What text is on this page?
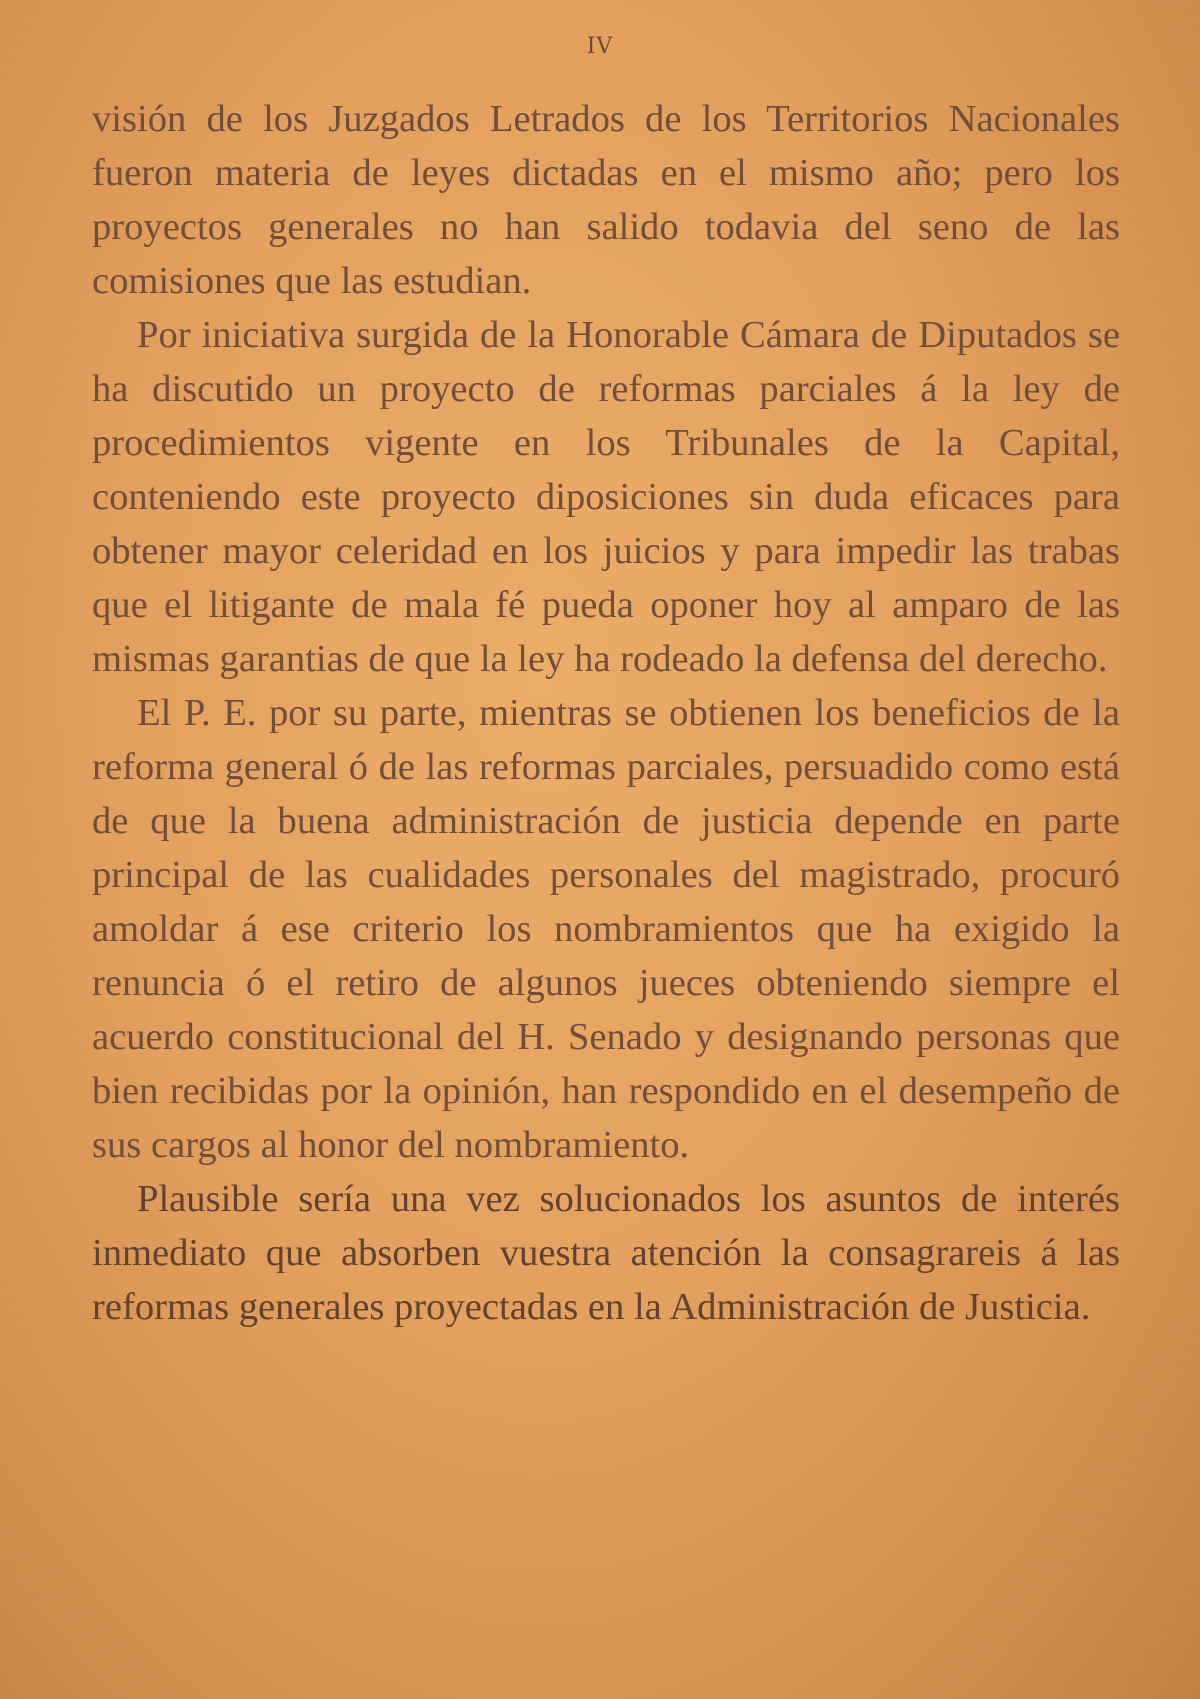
IV

visión de los Juzgados Letrados de los Territorios Nacionales fueron materia de leyes dictadas en el mismo año; pero los proyectos generales no han salido todavia del seno de las comisiones que las estudian.

Por iniciativa surgida de la Honorable Cámara de Diputados se ha discutido un proyecto de reformas parciales á la ley de procedimientos vigente en los Tribunales de la Capital, conteniendo este proyecto diposiciones sin duda eficaces para obtener mayor celeridad en los juicios y para impedir las trabas que el litigante de mala fé pueda oponer hoy al amparo de las mismas garantias de que la ley ha rodeado la defensa del derecho.

El P. E. por su parte, mientras se obtienen los beneficios de la reforma general ó de las reformas parciales, persuadido como está de que la buena administración de justicia depende en parte principal de las cualidades personales del magistrado, procuró amoldar á ese criterio los nombramientos que ha exigido la renuncia ó el retiro de algunos jueces obteniendo siempre el acuerdo constitucional del H. Senado y designando personas que bien recibidas por la opinión, han respondido en el desempeño de sus cargos al honor del nombramiento.

Plausible sería una vez solucionados los asuntos de interés inmediato que absorben vuestra atención la consagrareis á las reformas generales proyectadas en la Administración de Justicia.
